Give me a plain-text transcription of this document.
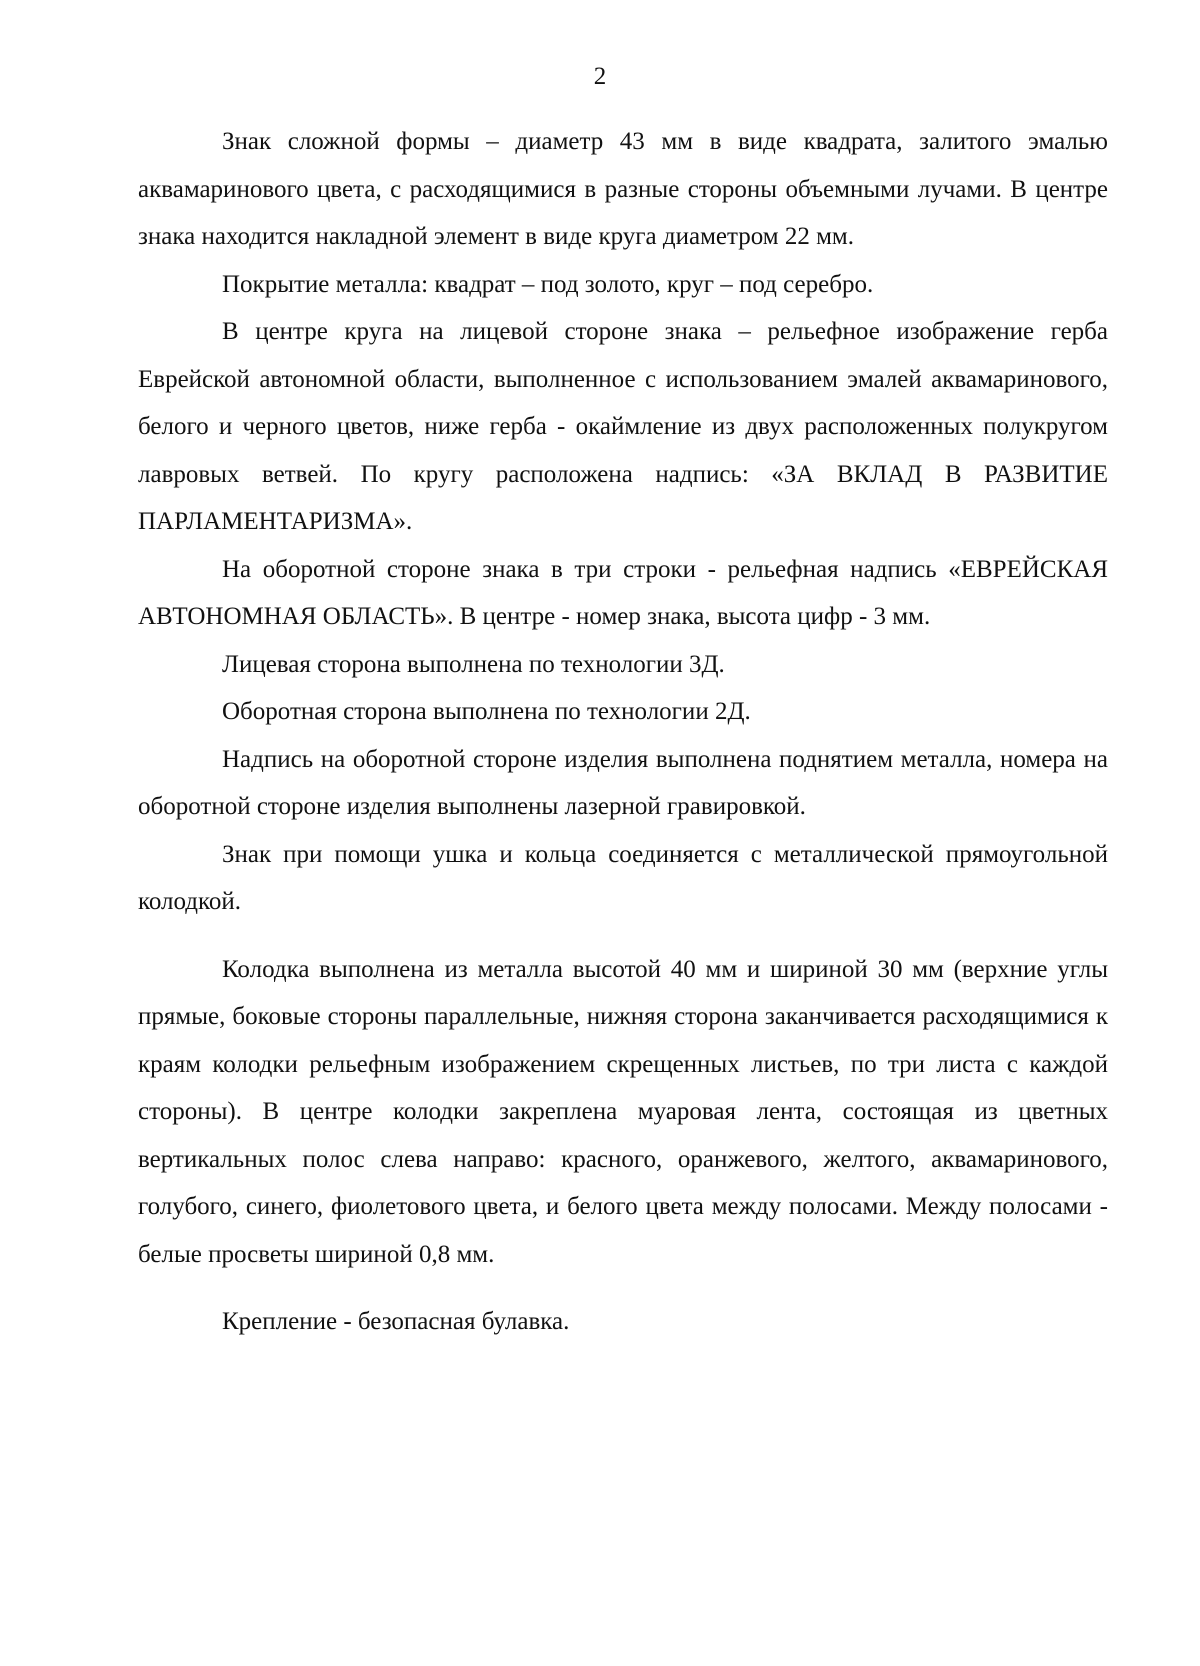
2

Знак сложной формы – диаметр 43 мм в виде квадрата, залитого эмалью аквамаринового цвета, с расходящимися в разные стороны объемными лучами. В центре знака находится накладной элемент в виде круга диаметром 22 мм.

Покрытие металла: квадрат – под золото, круг – под серебро.

В центре круга на лицевой стороне знака – рельефное изображение герба Еврейской автономной области, выполненное с использованием эмалей аквамаринового, белого и черного цветов, ниже герба - окаймление из двух расположенных полукругом лавровых ветвей. По кругу расположена надпись: «ЗА ВКЛАД В РАЗВИТИЕ ПАРЛАМЕНТАРИЗМА».

На оборотной стороне знака в три строки - рельефная надпись «ЕВРЕЙСКАЯ АВТОНОМНАЯ ОБЛАСТЬ». В центре - номер знака, высота цифр - 3 мм.

Лицевая сторона выполнена по технологии 3Д.

Оборотная сторона выполнена по технологии 2Д.

Надпись на оборотной стороне изделия выполнена поднятием металла, номера на оборотной стороне изделия выполнены лазерной гравировкой.

Знак при помощи ушка и кольца соединяется с металлической прямоугольной колодкой.

Колодка выполнена из металла высотой 40 мм и шириной 30 мм (верхние углы прямые, боковые стороны параллельные, нижняя сторона заканчивается расходящимися к краям колодки рельефным изображением скрещенных листьев, по три листа с каждой стороны). В центре колодки закреплена муаровая лента, состоящая из цветных вертикальных полос слева направо: красного, оранжевого, желтого, аквамаринового, голубого, синего, фиолетового цвета, и белого цвета между полосами. Между полосами - белые просветы шириной 0,8 мм.

Крепление - безопасная булавка.
